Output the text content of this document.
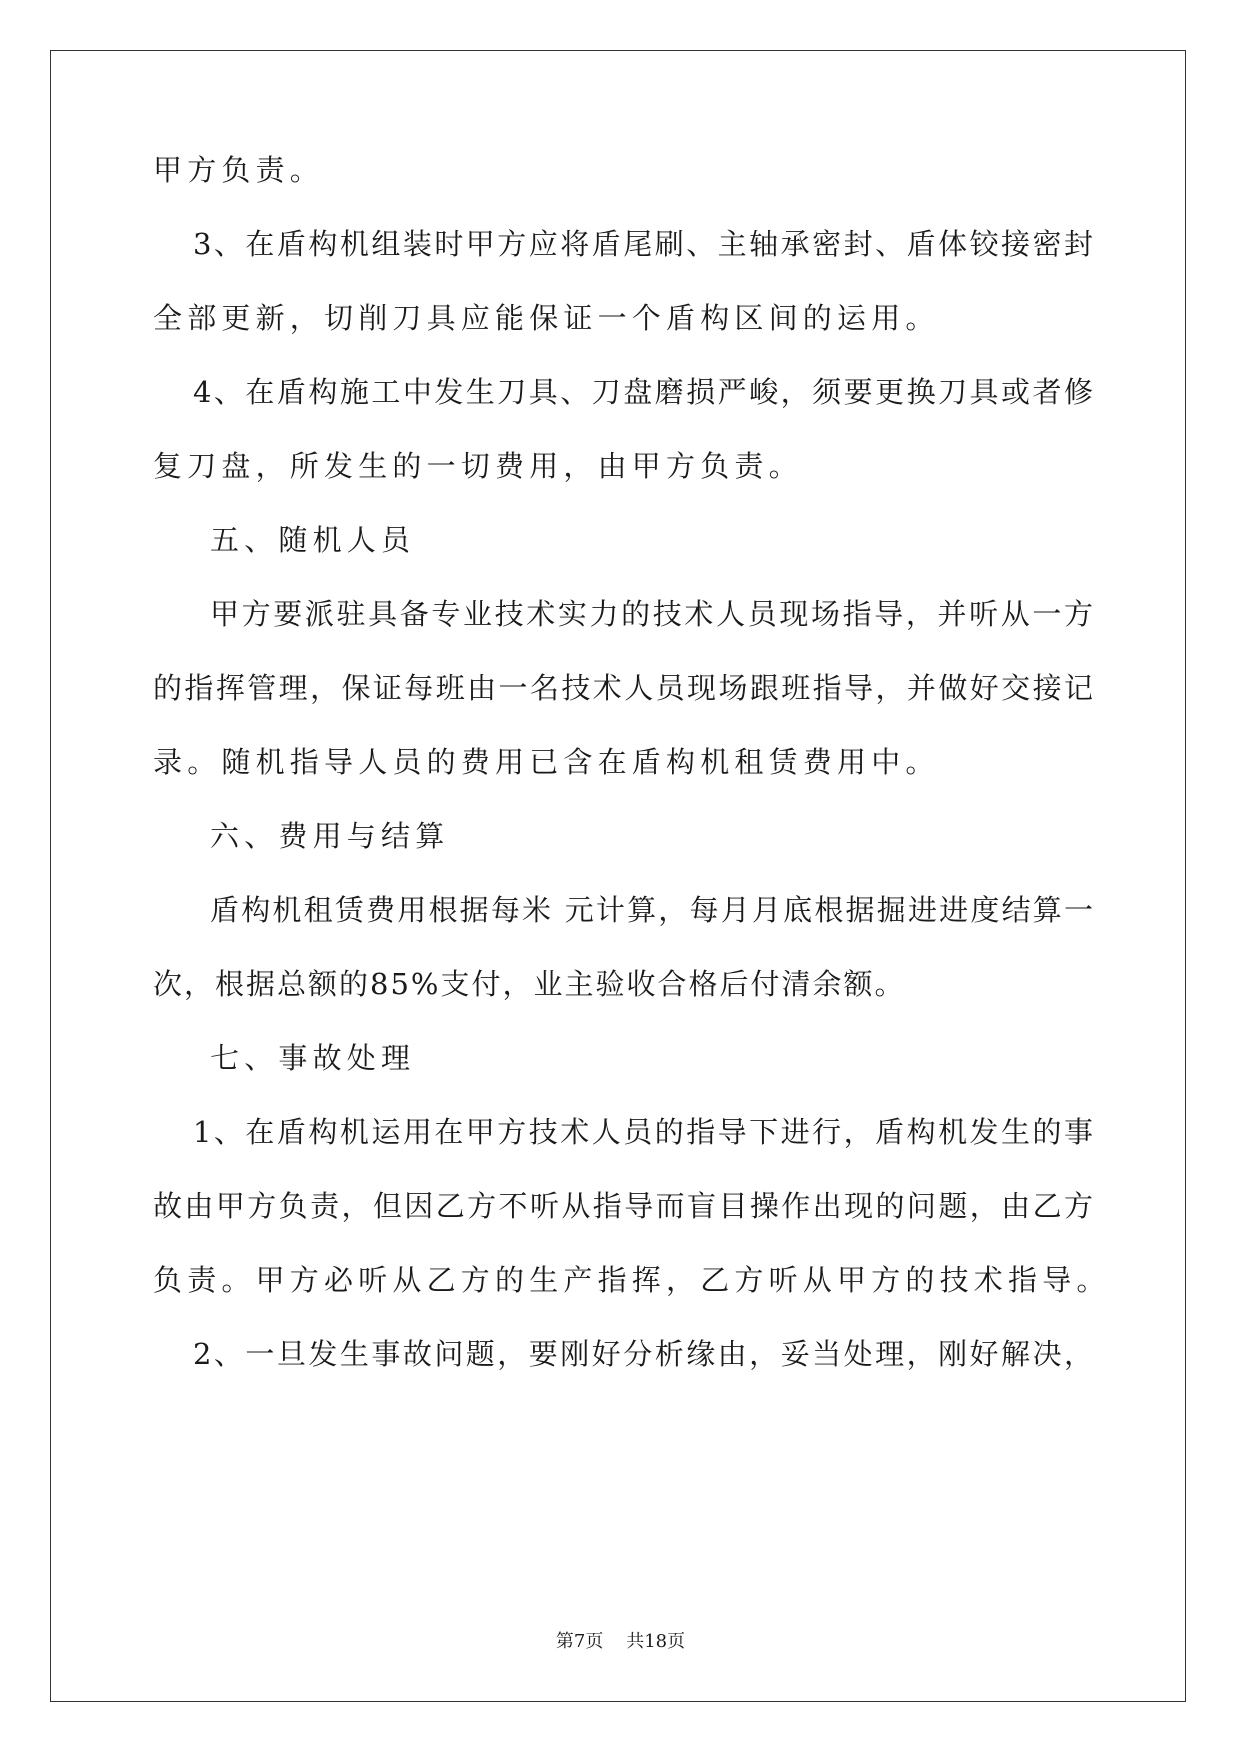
甲方负责。
3、在盾构机组装时甲方应将盾尾刷、主轴承密封、盾体铰接密封
全部更新，切削刀具应能保证一个盾构区间的运用。
4、在盾构施工中发生刀具、刀盘磨损严峻，须要更换刀具或者修
复刀盘，所发生的一切费用，由甲方负责。
五、随机人员
甲方要派驻具备专业技术实力的技术人员现场指导，并听从一方
的指挥管理，保证每班由一名技术人员现场跟班指导，并做好交接记
录。随机指导人员的费用已含在盾构机租赁费用中。
六、费用与结算
盾构机租赁费用根据每米 元计算，每月月底根据掘进进度结算一
次，根据总额的85%支付，业主验收合格后付清余额。
七、事故处理
1、在盾构机运用在甲方技术人员的指导下进行，盾构机发生的事
故由甲方负责，但因乙方不听从指导而盲目操作出现的问题，由乙方
负责。甲方必听从乙方的生产指挥，乙方听从甲方的技术指导。
2、一旦发生事故问题，要刚好分析缘由，妥当处理，刚好解决，
第7页 共18页
